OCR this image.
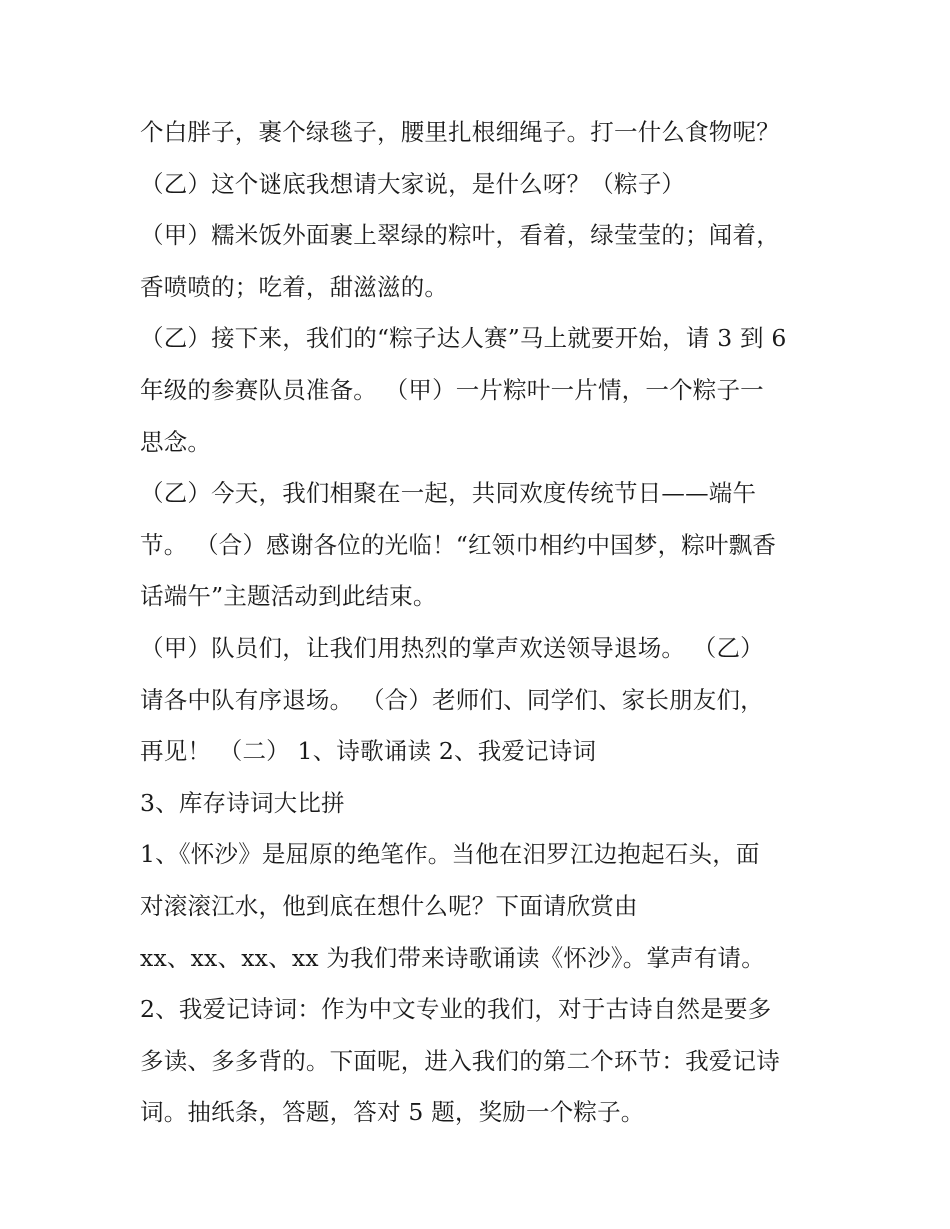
个白胖子，裹个绿毯子，腰里扎根细绳子。打一什么食物呢？
（乙）这个谜底我想请大家说，是什么呀？（粽子）
（甲）糯米饭外面裹上翠绿的粽叶，看着，绿莹莹的；闻着，
香喷喷的；吃着，甜滋滋的。
（乙）接下来，我们的“粽子达人赛”马上就要开始，请 3 到 6
年级的参赛队员准备。 （甲）一片粽叶一片情，一个粽子一
思念。
（乙）今天，我们相聚在一起，共同欢度传统节日——端午
节。 （合）感谢各位的光临！“红领巾相约中国梦，粽叶飘香
话端午”主题活动到此结束。
（甲）队员们，让我们用热烈的掌声欢送领导退场。 （乙）
请各中队有序退场。 （合）老师们、同学们、家长朋友们，
再见！ （二） 1、诗歌诵读 2、我爱记诗词
3、库存诗词大比拼
1、《怀沙》是屈原的绝笔作。当他在汨罗江边抱起石头，面
对滚滚江水，他到底在想什么呢？下面请欣赏由
xx、xx、xx、xx 为我们带来诗歌诵读《怀沙》。掌声有请。
2、我爱记诗词：作为中文专业的我们，对于古诗自然是要多
多读、多多背的。下面呢，进入我们的第二个环节：我爱记诗
词。抽纸条，答题，答对 5 题，奖励一个粽子。
